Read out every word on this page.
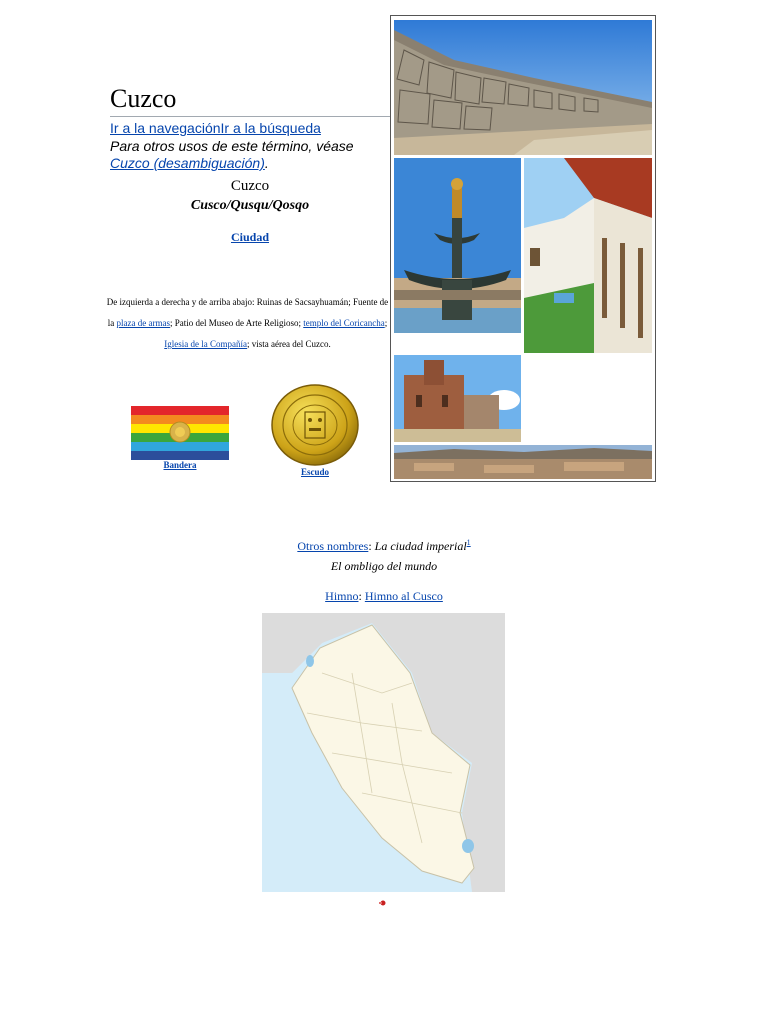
Cuzco
Ir a la navegaciónIr a la búsqueda
Para otros usos de este término, véase Cuzco (desambiguación).
Cuzco
Cusco/Qusqu/Qosqo
Ciudad
De izquierda a derecha y de arriba abajo: Ruinas de Sacsayhuamán; Fuente de la plaza de armas; Patio del Museo de Arte Religioso; templo del Coricancha; Iglesia de la Compañía; vista aérea del Cuzco.
Bandera
Escudo
Otros nombres: La ciudad imperial$^1$
El ombligo del mundo
Himno: Himno al Cusco
